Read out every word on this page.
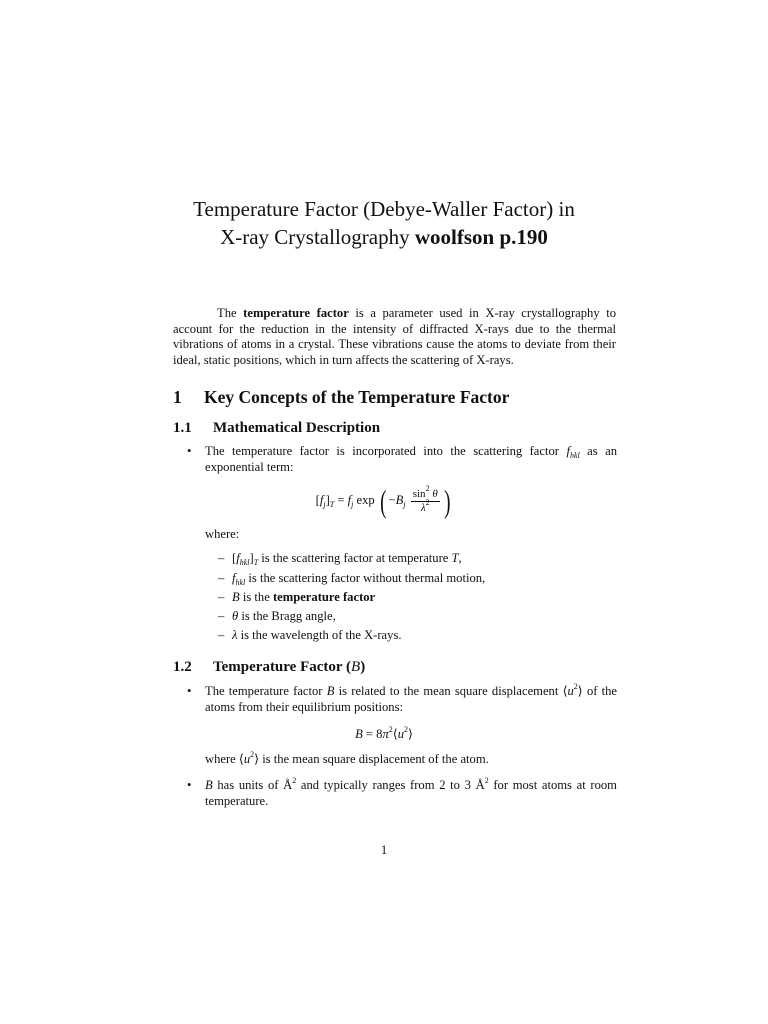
Temperature Factor (Debye-Waller Factor) in
X-ray Crystallography woolfson p.190
The temperature factor is a parameter used in X-ray crystallography to account for the reduction in the intensity of diffracted X-rays due to the thermal vibrations of atoms in a crystal. These vibrations cause the atoms to deviate from their ideal, static positions, which in turn affects the scattering of X-rays.
1 Key Concepts of the Temperature Factor
1.1 Mathematical Description
• The temperature factor is incorporated into the scattering factor $f_{hkl}$ as an exponential term:
$[f_j]_T = f_j$ exp ( $-B_j \frac{\sin^2 \theta}{\lambda^2}$ )
where:
– $[f_{hkl}]_T$ is the scattering factor at temperature T,
– $f_{hkl}$ is the scattering factor without thermal motion,
– B is the temperature factor
– θ is the Bragg angle,
– λ is the wavelength of the X-rays.
1.2 Temperature Factor (B)
• The temperature factor B is related to the mean square displacement $⟨u^2⟩$ of the atoms from their equilibrium positions:
$B = 8\pi^2⟨u^2⟩$
where $⟨u^2⟩$ is the mean square displacement of the atom.
• B has units of $Å^2$ and typically ranges from 2 to 3 $Å^2$ for most atoms at room temperature.
1
